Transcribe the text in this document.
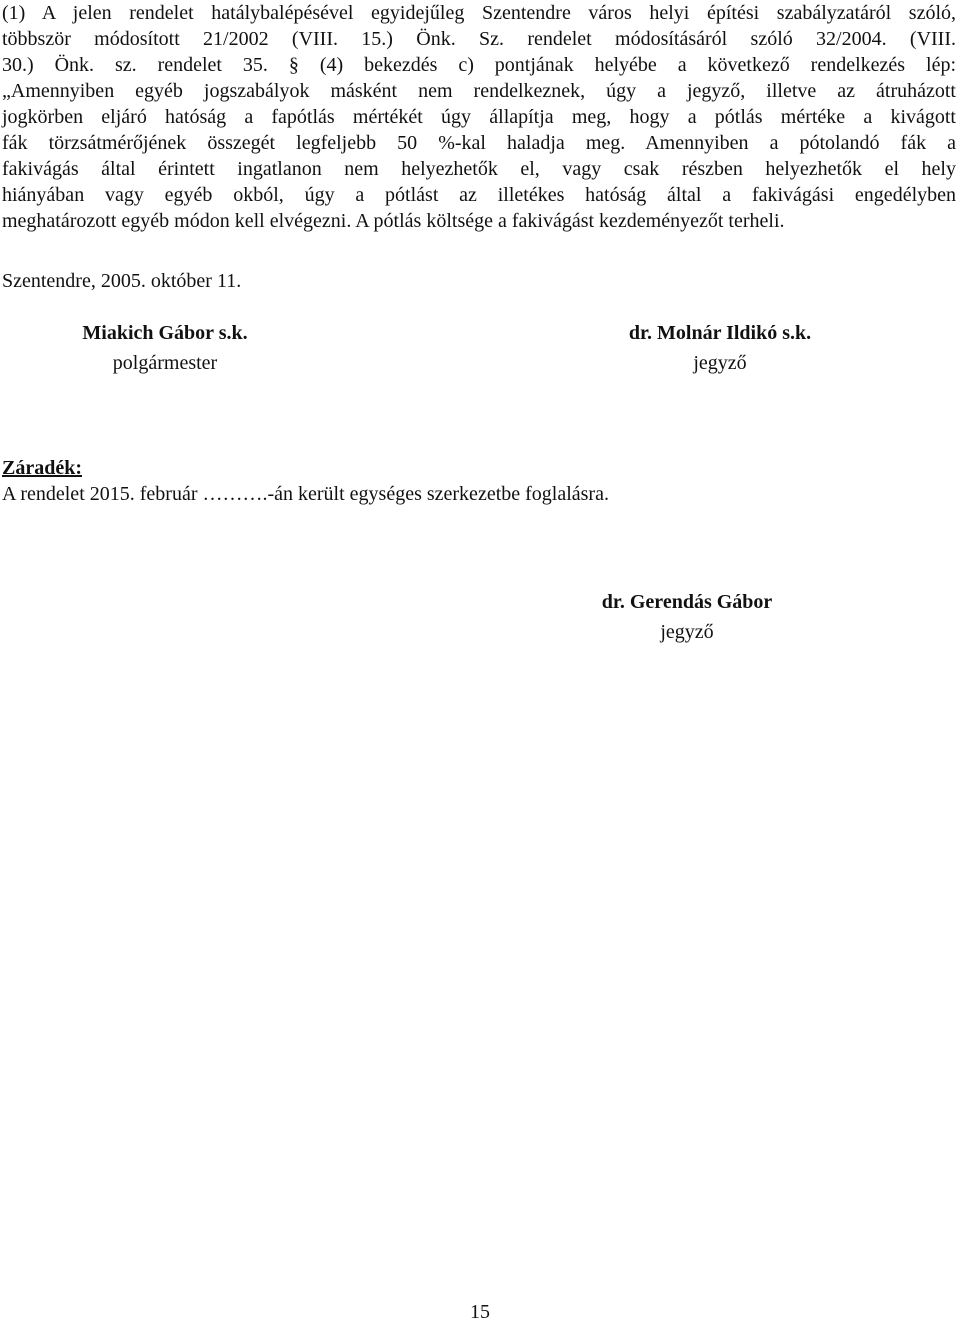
(1) A jelen rendelet hatálybalépésével egyidejűleg Szentendre város helyi építési szabályzatáról szóló,
többször módosított 21/2002 (VIII. 15.) Önk. Sz. rendelet módosításáról szóló 32/2004. (VIII.
30.) Önk. sz. rendelet 35. § (4) bekezdés c) pontjának helyébe a következő rendelkezés lép:
„Amennyiben egyéb jogszabályok másként nem rendelkeznek, úgy a jegyző, illetve az átruházott
jogkörben eljáró hatóság a fapótlás mértékét úgy állapítja meg, hogy a pótlás mértéke a kivágott
fák törzsátmérőjének összegét legfeljebb 50 %-kal haladja meg. Amennyiben a pótolandó fák a
fakivágás által érintett ingatlanon nem helyezhetők el, vagy csak részben helyezhetők el hely
hiányában vagy egyéb okból, úgy a pótlást az illetékes hatóság által a fakivágási engedélyben
meghatározott egyéb módon kell elvégezni. A pótlás költsége a fakivágást kezdeményezőt terheli.
Szentendre, 2005. október 11.
Miakich Gábor s.k.
polgármester
dr. Molnár Ildikó s.k.
jegyző
Záradék:
A rendelet 2015. február ……….-án került egységes szerkezetbe foglalásra.
dr. Gerendás Gábor
jegyző
15
